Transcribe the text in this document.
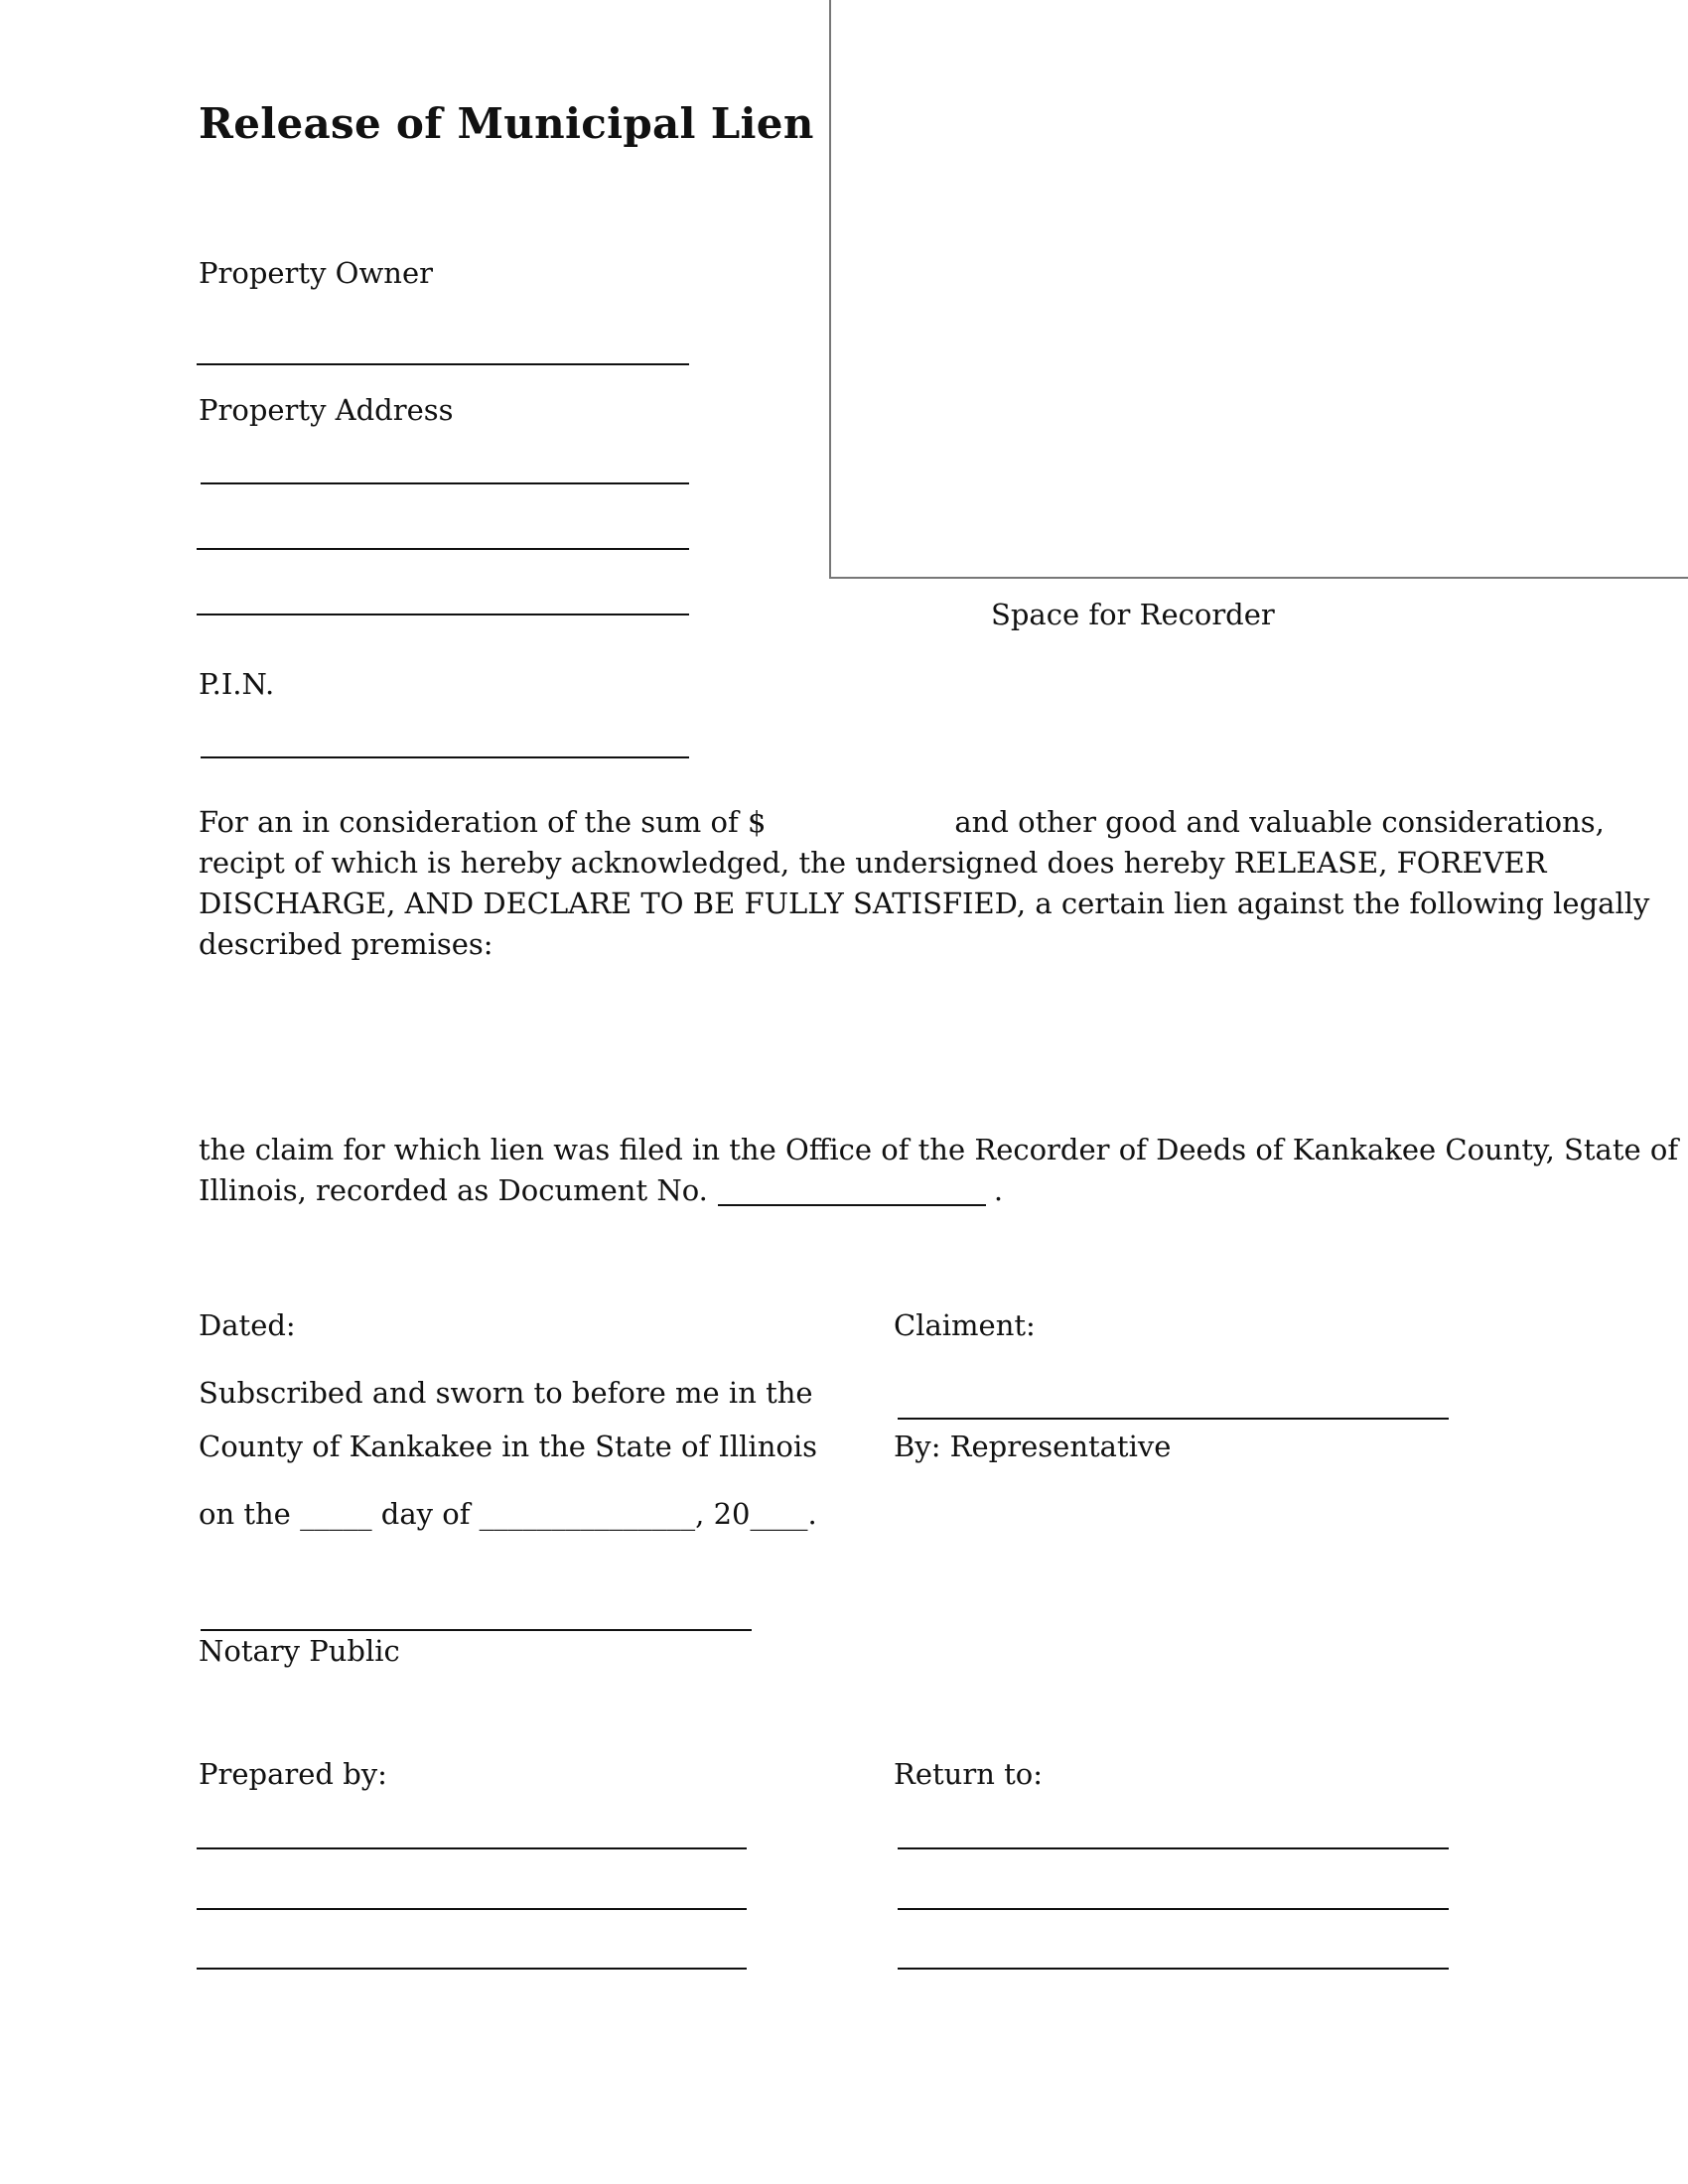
Release of Municipal Lien
Space for Recorder
Property Owner
Property Address
P.I.N.
For an in consideration of the sum of $	and other good and valuable considerations,
recipt of which is hereby acknowledged, the undersigned does hereby RELEASE, FOREVER
DISCHARGE, AND DECLARE TO BE FULLY SATISFIED, a certain lien against the following legally
described premises:
the claim for which lien was filed in the Office of the Recorder of Deeds of Kankakee County, State of
Illinois, recorded as Document No.	.
Dated:
Subscribed and sworn to before me in the
County of Kankakee in the State of Illinois
on the _____ day of _______________, 20____.
Notary Public
Claiment:
By: Representative
Prepared by:	Return to:
